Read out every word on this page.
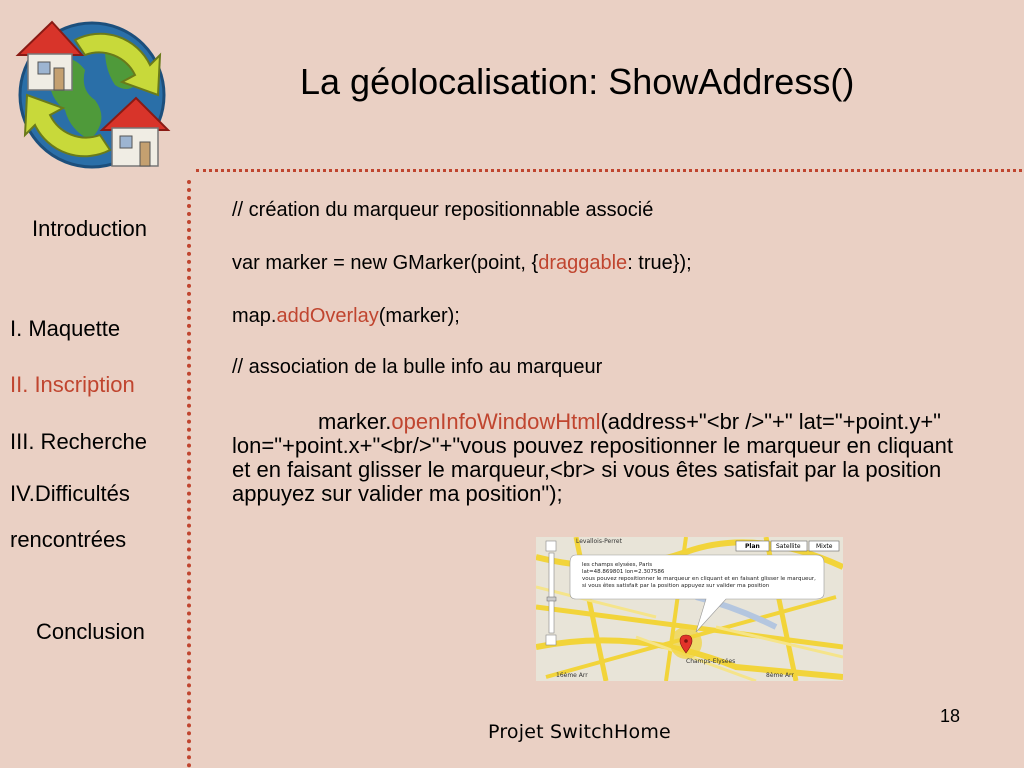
La géolocalisation: ShowAddress()
Introduction
I. Maquette
II. Inscription
III. Recherche
IV.Difficultés
rencontrées
Conclusion
// création du marqueur repositionnable associé
var marker = new GMarker(point, {draggable: true});
map.addOverlay(marker);
// association de la bulle info au marqueur
marker.openInfoWindowHtml(address+"<br />"+" lat="+point.y+" lon="+point.x+"<br/>"+"vous pouvez repositionner le marqueur en cliquant et en faisant glisser le marqueur,<br> si vous êtes satisfait par la position appuyez sur valider ma position");
Levallois-Perret
Champs-Elysées
16ème Arr	8ème Arr
Plan	Satellite	Mixte
les champs elysées, Paris
lat=48.869801 lon=2.307586
vous pouvez repositionner le marqueur en cliquant et en faisant glisser le marqueur,
si vous êtes satisfait par la position appuyez sur valider ma position
18
Projet SwitchHome
